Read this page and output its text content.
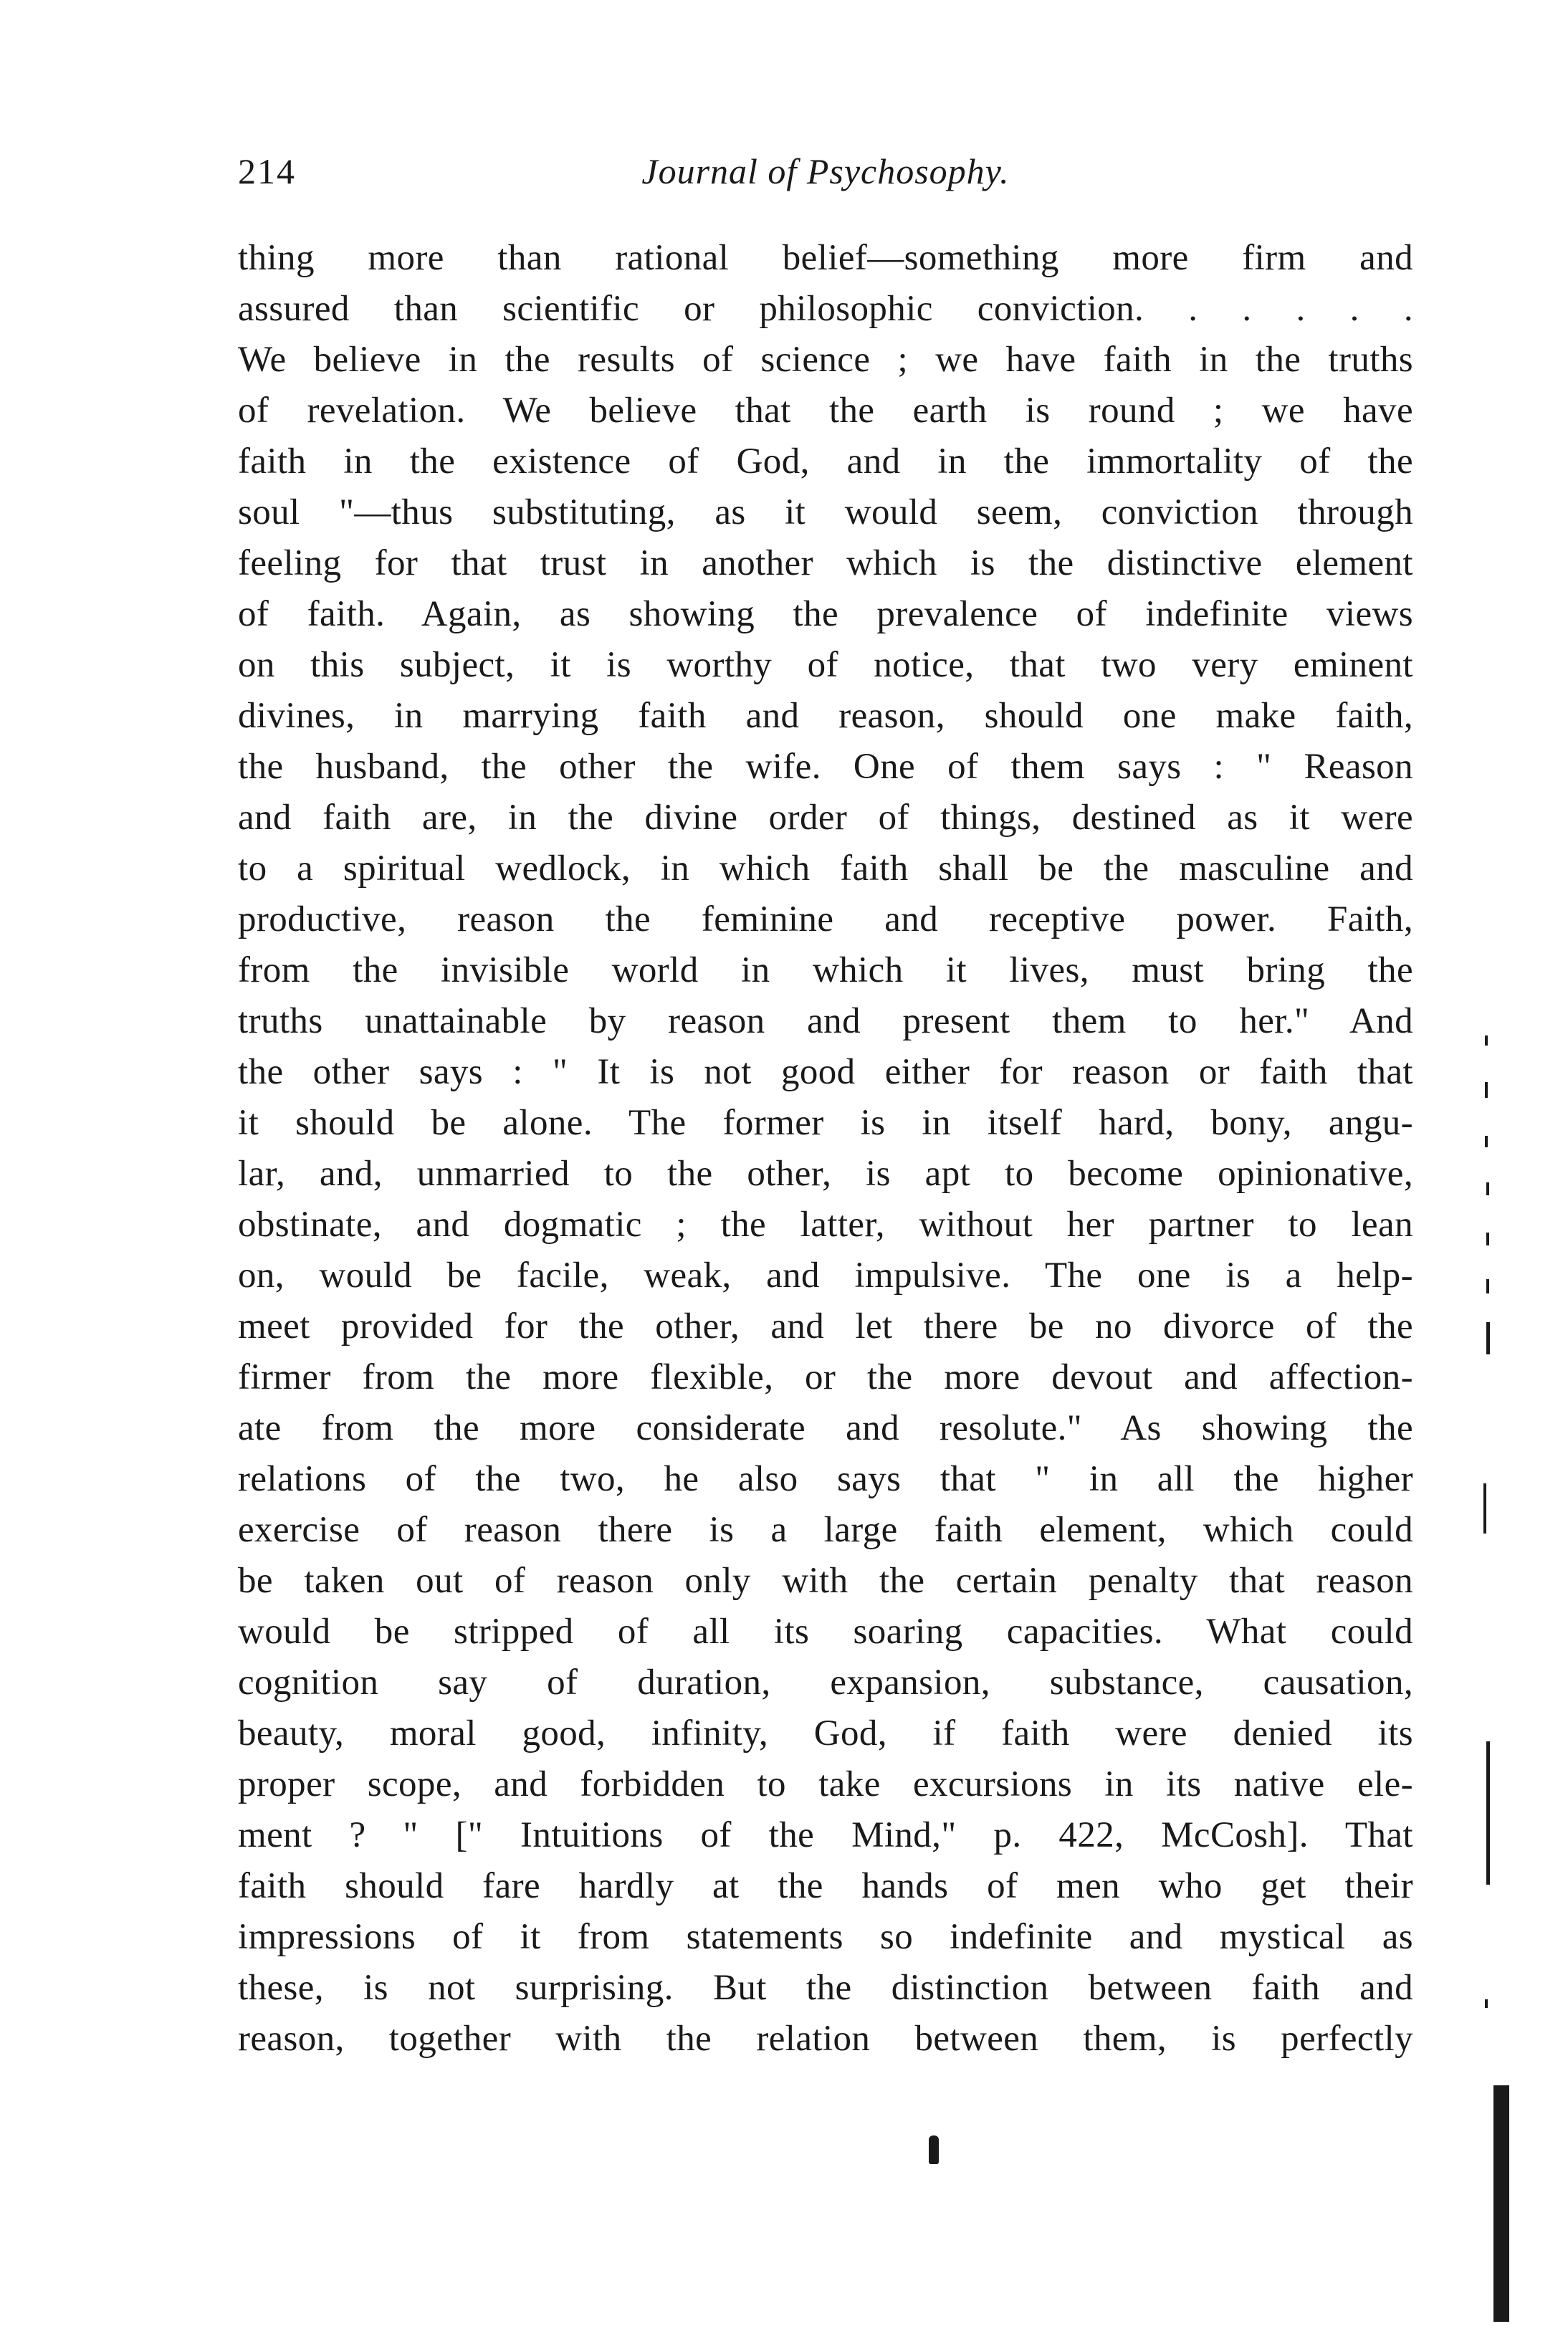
214	Journal of Psychosophy.
thing more than rational belief—something more firm and
assured than scientific or philosophic conviction. . . . . .
We believe in the results of science ; we have faith in the truths
of revelation. We believe that the earth is round ; we have
faith in the existence of God, and in the immortality of the
soul "—thus substituting, as it would seem, conviction through
feeling for that trust in another which is the distinctive element
of faith. Again, as showing the prevalence of indefinite views
on this subject, it is worthy of notice, that two very eminent
divines, in marrying faith and reason, should one make faith,
the husband, the other the wife. One of them says : " Reason
and faith are, in the divine order of things, destined as it were
to a spiritual wedlock, in which faith shall be the masculine and
productive, reason the feminine and receptive power. Faith,
from the invisible world in which it lives, must bring the
truths unattainable by reason and present them to her." And
the other says : " It is not good either for reason or faith that
it should be alone. The former is in itself hard, bony, angu-
lar, and, unmarried to the other, is apt to become opinionative,
obstinate, and dogmatic ; the latter, without her partner to lean
on, would be facile, weak, and impulsive. The one is a help-
meet provided for the other, and let there be no divorce of the
firmer from the more flexible, or the more devout and affection-
ate from the more considerate and resolute." As showing the
relations of the two, he also says that " in all the higher
exercise of reason there is a large faith element, which could
be taken out of reason only with the certain penalty that reason
would be stripped of all its soaring capacities. What could
cognition say of duration, expansion, substance, causation,
beauty, moral good, infinity, God, if faith were denied its
proper scope, and forbidden to take excursions in its native ele-
ment ? " [" Intuitions of the Mind," p. 422, McCosh]. That
faith should fare hardly at the hands of men who get their
impressions of it from statements so indefinite and mystical as
these, is not surprising. But the distinction between faith and
reason, together with the relation between them, is perfectly
